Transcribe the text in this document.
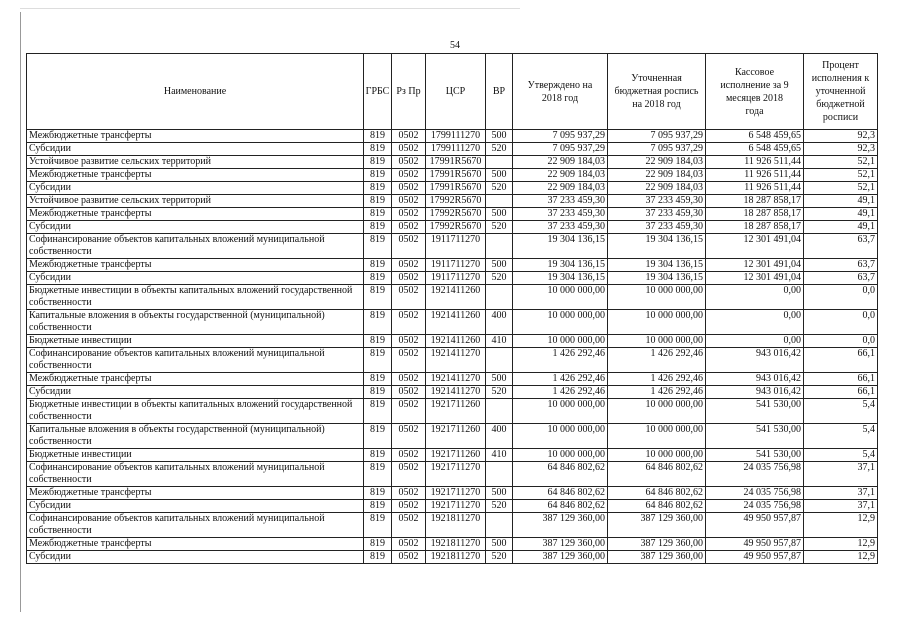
54
Наименование	ГРБС	Рз Пр	ЦСР	ВР	Утверждено на 2018 год	Уточненная бюджетная роспись на 2018 год	Кассовое исполнение за 9 месяцев 2018 года	Процент исполнения к уточненной бюджетной росписи
Межбюджетные трансферты	819	0502	1799111270	500	7 095 937,29	7 095 937,29	6 548 459,65	92,3
Субсидии	819	0502	1799111270	520	7 095 937,29	7 095 937,29	6 548 459,65	92,3
Устойчивое развитие сельских территорий	819	0502	17991R5670		22 909 184,03	22 909 184,03	11 926 511,44	52,1
Межбюджетные трансферты	819	0502	17991R5670	500	22 909 184,03	22 909 184,03	11 926 511,44	52,1
Субсидии	819	0502	17991R5670	520	22 909 184,03	22 909 184,03	11 926 511,44	52,1
Устойчивое развитие сельских территорий	819	0502	17992R5670		37 233 459,30	37 233 459,30	18 287 858,17	49,1
Межбюджетные трансферты	819	0502	17992R5670	500	37 233 459,30	37 233 459,30	18 287 858,17	49,1
Субсидии	819	0502	17992R5670	520	37 233 459,30	37 233 459,30	18 287 858,17	49,1
Софинансирование объектов капитальных вложений муниципальной собственности	819	0502	1911711270		19 304 136,15	19 304 136,15	12 301 491,04	63,7
Межбюджетные трансферты	819	0502	1911711270	500	19 304 136,15	19 304 136,15	12 301 491,04	63,7
Субсидии	819	0502	1911711270	520	19 304 136,15	19 304 136,15	12 301 491,04	63,7
Бюджетные инвестиции в объекты капитальных вложений государственной собственности	819	0502	1921411260		10 000 000,00	10 000 000,00	0,00	0,0
Капитальные вложения в объекты государственной (муниципальной) собственности	819	0502	1921411260	400	10 000 000,00	10 000 000,00	0,00	0,0
Бюджетные инвестиции	819	0502	1921411260	410	10 000 000,00	10 000 000,00	0,00	0,0
Софинансирование объектов капитальных вложений муниципальной собственности	819	0502	1921411270		1 426 292,46	1 426 292,46	943 016,42	66,1
Межбюджетные трансферты	819	0502	1921411270	500	1 426 292,46	1 426 292,46	943 016,42	66,1
Субсидии	819	0502	1921411270	520	1 426 292,46	1 426 292,46	943 016,42	66,1
Бюджетные инвестиции в объекты капитальных вложений государственной собственности	819	0502	1921711260		10 000 000,00	10 000 000,00	541 530,00	5,4
Капитальные вложения в объекты государственной (муниципальной) собственности	819	0502	1921711260	400	10 000 000,00	10 000 000,00	541 530,00	5,4
Бюджетные инвестиции	819	0502	1921711260	410	10 000 000,00	10 000 000,00	541 530,00	5,4
Софинансирование объектов капитальных вложений муниципальной собственности	819	0502	1921711270		64 846 802,62	64 846 802,62	24 035 756,98	37,1
Межбюджетные трансферты	819	0502	1921711270	500	64 846 802,62	64 846 802,62	24 035 756,98	37,1
Субсидии	819	0502	1921711270	520	64 846 802,62	64 846 802,62	24 035 756,98	37,1
Софинансирование объектов капитальных вложений муниципальной собственности	819	0502	1921811270		387 129 360,00	387 129 360,00	49 950 957,87	12,9
Межбюджетные трансферты	819	0502	1921811270	500	387 129 360,00	387 129 360,00	49 950 957,87	12,9
Субсидии	819	0502	1921811270	520	387 129 360,00	387 129 360,00	49 950 957,87	12,9
